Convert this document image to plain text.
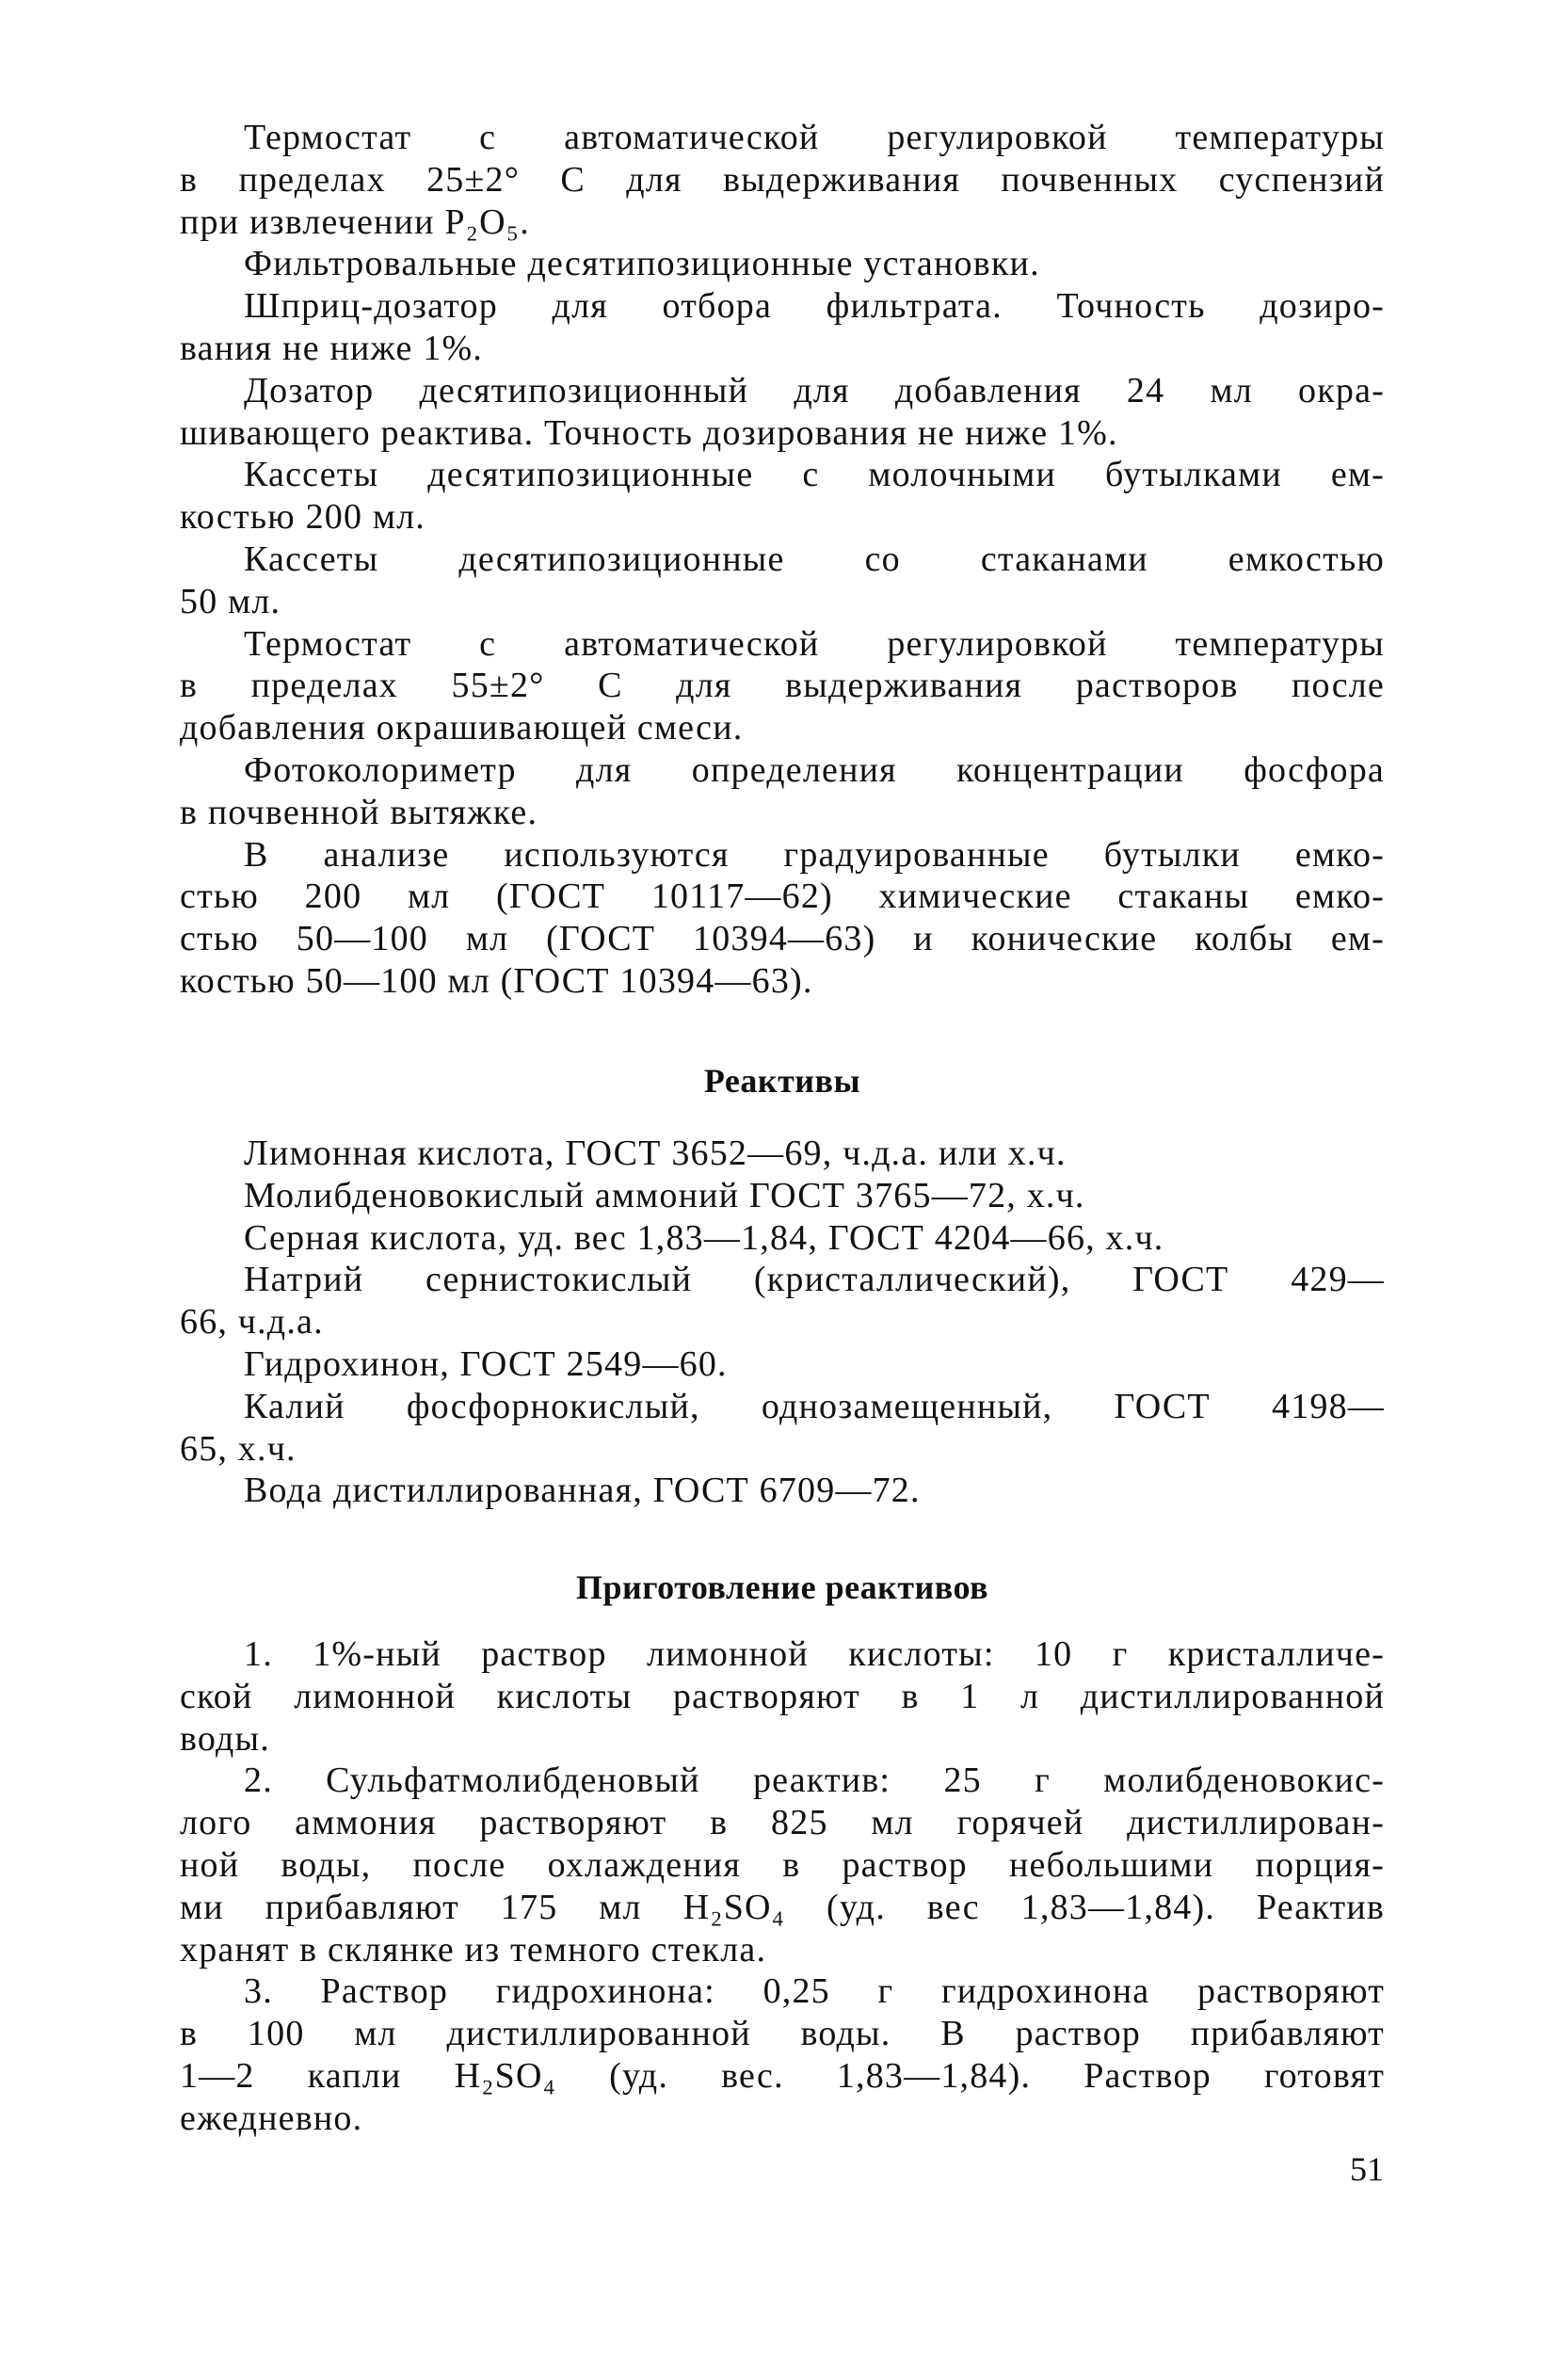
Термостат с автоматической регулировкой температуры
в пределах 25±2° С для выдерживания почвенных суспензий
при извлечении P₂O₅.
Фильтровальные десятипозиционные установки.
Шприц-дозатор для отбора фильтрата. Точность дозиро-
вания не ниже 1%.
Дозатор десятипозиционный для добавления 24 мл окра-
шивающего реактива. Точность дозирования не ниже 1%.
Кассеты десятипозиционные с молочными бутылками ем-
костью 200 мл.
Кассеты десятипозиционные со стаканами емкостью
50 мл.
Термостат с автоматической регулировкой температуры
в пределах 55±2° С для выдерживания растворов после
добавления окрашивающей смеси.
Фотоколориметр для определения концентрации фосфора
в почвенной вытяжке.
В анализе используются градуированные бутылки емко-
стью 200 мл (ГОСТ 10117—62) химические стаканы емко-
стью 50—100 мл (ГОСТ 10394—63) и конические колбы ем-
костью 50—100 мл (ГОСТ 10394—63).
Реактивы
Лимонная кислота, ГОСТ 3652—69, ч.д.а. или х.ч.
Молибденовокислый аммоний ГОСТ 3765—72, х.ч.
Серная кислота, уд. вес 1,83—1,84, ГОСТ 4204—66, х.ч.
Натрий сернистокислый (кристаллический), ГОСТ 429—
66, ч.д.а.
Гидрохинон, ГОСТ 2549—60.
Калий фосфорнокислый, однозамещенный, ГОСТ 4198—
65, х.ч.
Вода дистиллированная, ГОСТ 6709—72.
Приготовление реактивов
1. 1%-ный раствор лимонной кислоты: 10 г кристалличе-
ской лимонной кислоты растворяют в 1 л дистиллированной
воды.
2. Сульфатмолибденовый реактив: 25 г молибденовокис-
лого аммония растворяют в 825 мл горячей дистиллирован-
ной воды, после охлаждения в раствор небольшими порция-
ми прибавляют 175 мл H₂SO₄ (уд. вес 1,83—1,84). Реактив
хранят в склянке из темного стекла.
3. Раствор гидрохинона: 0,25 г гидрохинона растворяют
в 100 мл дистиллированной воды. В раствор прибавляют
1—2 капли H₂SO₄ (уд. вес. 1,83—1,84). Раствор готовят
ежедневно.
51
